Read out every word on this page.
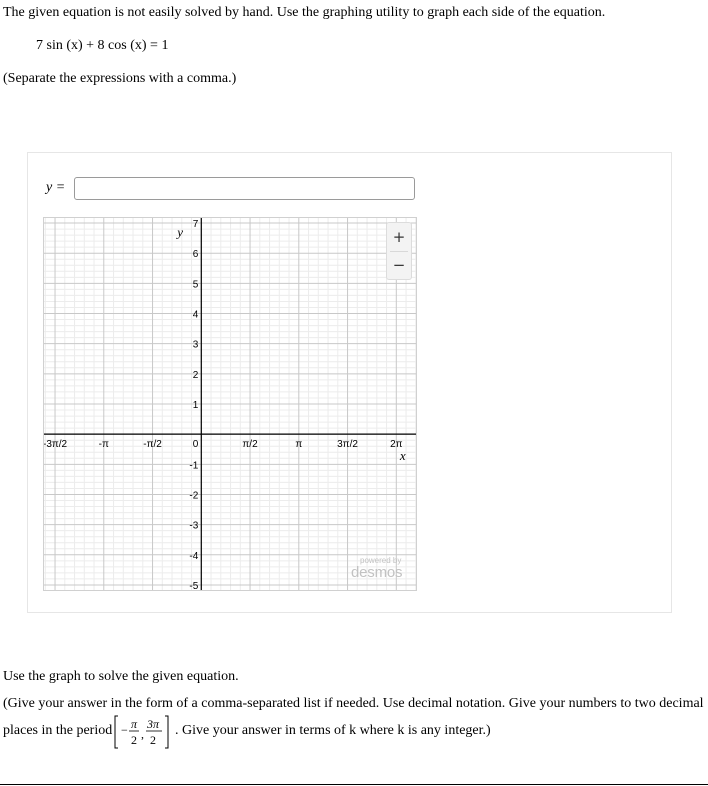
The given equation is not easily solved by hand. Use the graphing utility to graph each side of the equation.
7 sin (x) + 8 cos (x) = 1
(Separate the expressions with a comma.)
y =
-3π/2	-π	-π/2	0	π/2	π	3π/2	2π
7
6
5
4
3
2
1
-1
-2
-3
-4
-5
x
y	+
−
powered by
desmos
Use the graph to solve the given equation.
(Give your answer in the form of a comma-separated list if needed. Use decimal notation. Give your numbers to two decimal
places in the period − π
2 ,
3π
2
. Give your answer in terms of k where k is any integer.)
